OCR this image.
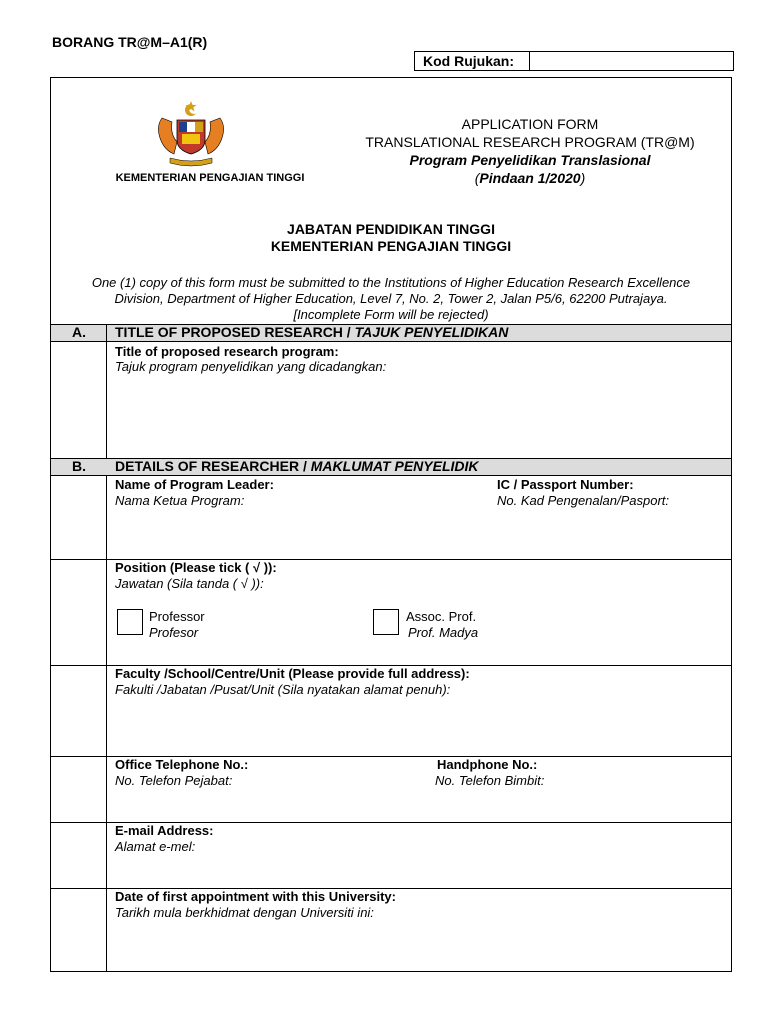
BORANG TR@M–A1(R)
Kod Rujukan:
KEMENTERIAN PENGAJIAN TINGGI
APPLICATION FORM
TRANSLATIONAL RESEARCH PROGRAM (TR@M)
Program Penyelidikan Translasional
(Pindaan 1/2020)
JABATAN PENDIDIKAN TINGGI
KEMENTERIAN PENGAJIAN TINGGI
One (1) copy of this form must be submitted to the Institutions of Higher Education Research Excellence
Division, Department of Higher Education, Level 7, No. 2, Tower 2, Jalan P5/6, 62200 Putrajaya.
[Incomplete Form will be rejected)
A.	TITLE OF PROPOSED RESEARCH / TAJUK PENYELIDIKAN
Title of proposed research program:
Tajuk program penyelidikan yang dicadangkan:
B.	DETAILS OF RESEARCHER / MAKLUMAT PENYELIDIK
Name of Program Leader:
Nama Ketua Program:
IC / Passport Number:
No. Kad Pengenalan/Pasport:
Position (Please tick ( √ )):
Jawatan (Sila tanda ( √ )):
Professor
Profesor
Assoc. Prof.
Prof. Madya
Faculty /School/Centre/Unit (Please provide full address):
Fakulti /Jabatan /Pusat/Unit (Sila nyatakan alamat penuh):
Office Telephone No.:
No. Telefon Pejabat:
Handphone No.:
No. Telefon Bimbit:
E-mail Address:
Alamat e-mel:
Date of first appointment with this University:
Tarikh mula berkhidmat dengan Universiti ini:
